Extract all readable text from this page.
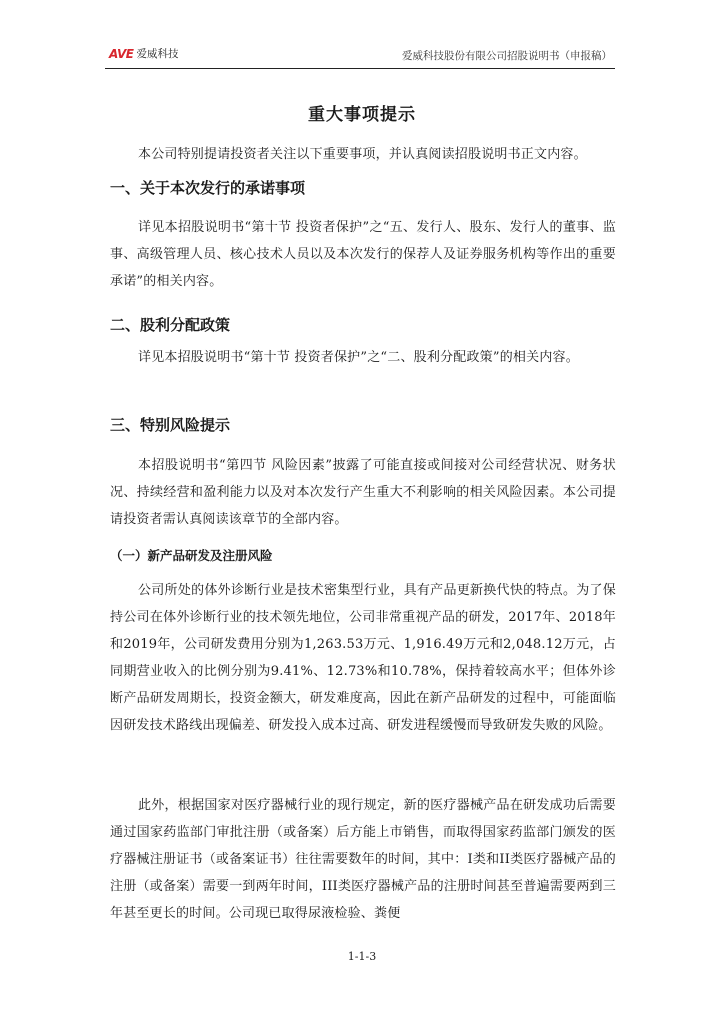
AVE 爱威科技	爱威科技股份有限公司招股说明书（申报稿）
重大事项提示
本公司特别提请投资者关注以下重要事项，并认真阅读招股说明书正文内容。
一、关于本次发行的承诺事项
详见本招股说明书“第十节 投资者保护”之“五、发行人、股东、发行人的董事、监事、高级管理人员、核心技术人员以及本次发行的保荐人及证券服务机构等作出的重要承诺”的相关内容。
二、股利分配政策
详见本招股说明书“第十节 投资者保护”之“二、股利分配政策”的相关内容。
三、特别风险提示
本招股说明书“第四节 风险因素”披露了可能直接或间接对公司经营状况、财务状况、持续经营和盈利能力以及对本次发行产生重大不利影响的相关风险因素。本公司提请投资者需认真阅读该章节的全部内容。
（一）新产品研发及注册风险
公司所处的体外诊断行业是技术密集型行业，具有产品更新换代快的特点。为了保持公司在体外诊断行业的技术领先地位，公司非常重视产品的研发，2017年、2018年和2019年，公司研发费用分别为1,263.53万元、1,916.49万元和2,048.12万元，占同期营业收入的比例分别为9.41%、12.73%和10.78%，保持着较高水平；但体外诊断产品研发周期长，投资金额大，研发难度高，因此在新产品研发的过程中，可能面临因研发技术路线出现偏差、研发投入成本过高、研发进程缓慢而导致研发失败的风险。
此外，根据国家对医疗器械行业的现行规定，新的医疗器械产品在研发成功后需要通过国家药监部门审批注册（或备案）后方能上市销售，而取得国家药监部门颁发的医疗器械注册证书（或备案证书）往往需要数年的时间，其中：I类和II类医疗器械产品的注册（或备案）需要一到两年时间，III类医疗器械产品的注册时间甚至普遍需要两到三年甚至更长的时间。公司现已取得尿液检验、粪便
1-1-3
